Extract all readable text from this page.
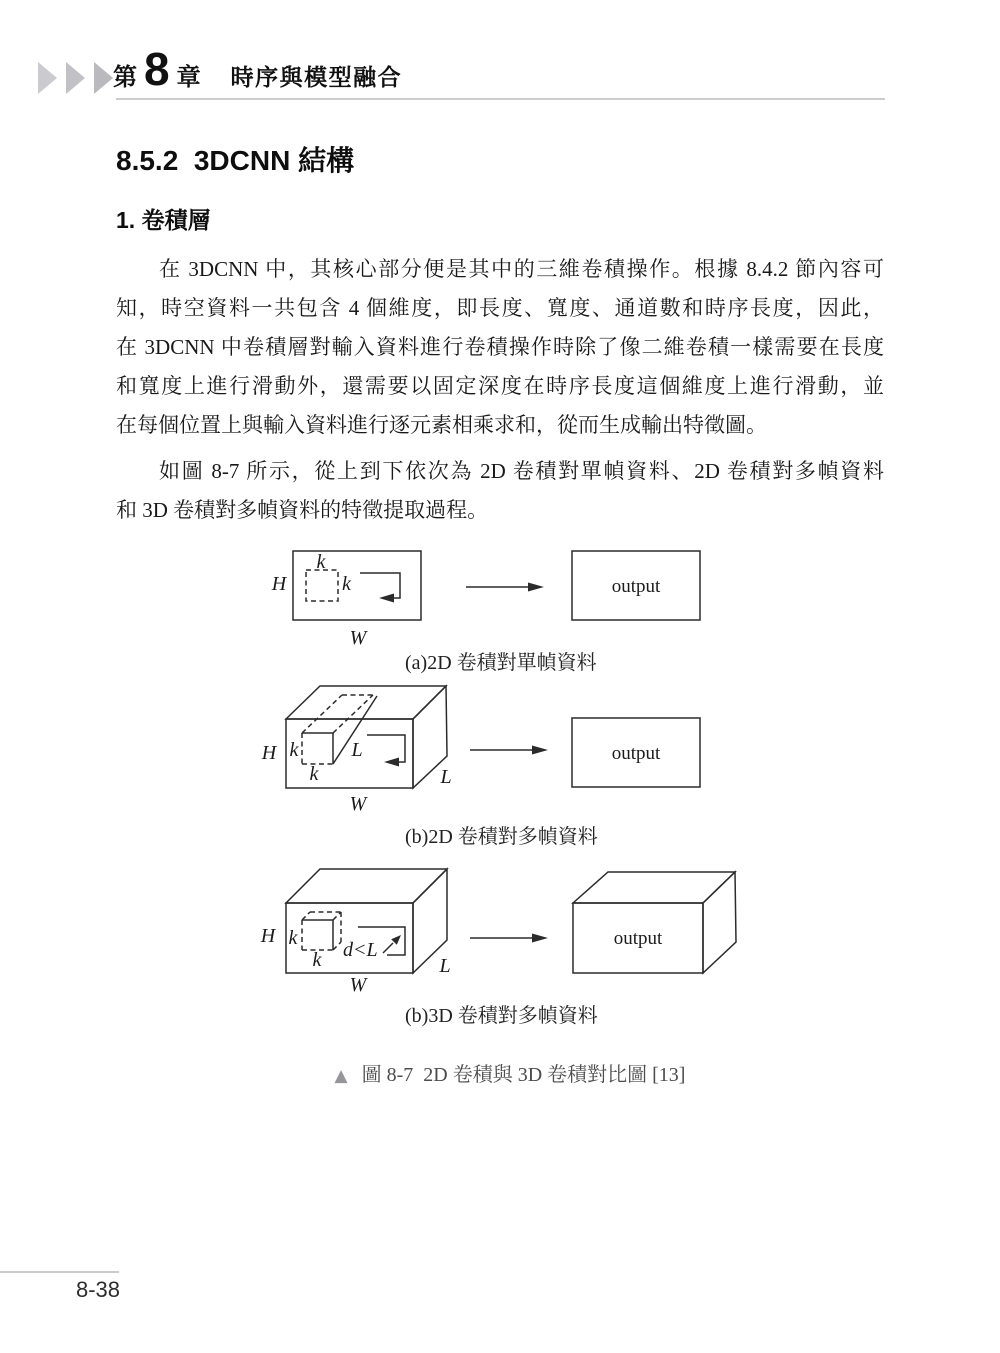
第 8 章 時序與模型融合
8.5.2  3DCNN 結構
1. 卷積層
在 3DCNN 中，其核心部分便是其中的三維卷積操作。根據 8.4.2 節內容可
知，時空資料一共包含 4 個維度，即長度、寬度、通道數和時序長度，因此，
在 3DCNN 中卷積層對輸入資料進行卷積操作時除了像二維卷積一樣需要在長度
和寬度上進行滑動外，還需要以固定深度在時序長度這個維度上進行滑動，並
在每個位置上與輸入資料進行逐元素相乘求和，從而生成輸出特徵圖。
如圖 8-7 所示，從上到下依次為 2D 卷積對單幀資料、2D 卷積對多幀資料
和 3D 卷積對多幀資料的特徵提取過程。
k
k
H
W
output
(a)2D 卷積對單幀資料
H k
k
L
L
W
output
(b)2D 卷積對多幀資料
H k
k d<L
L
W
output
(b)3D 卷積對多幀資料

▲ 圖 8-7  2D 卷積與 3D 卷積對比圖 [13]

8-38
